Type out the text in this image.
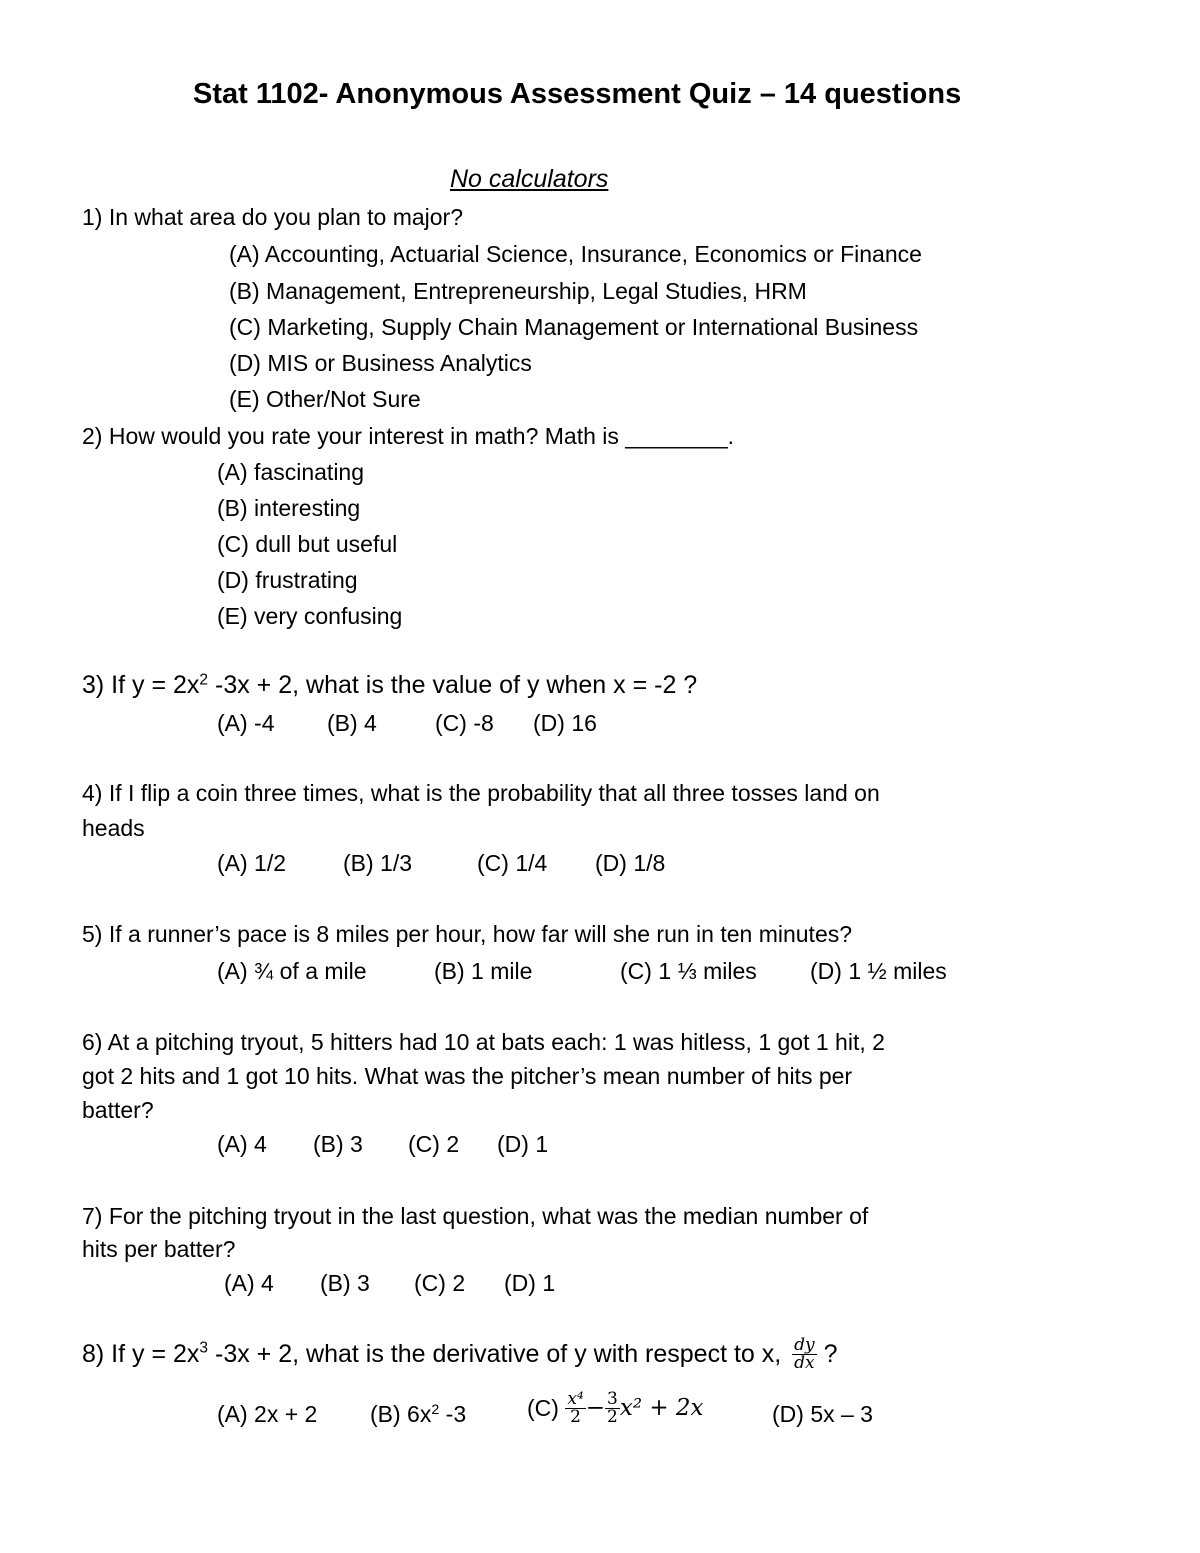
Stat 1102- Anonymous Assessment Quiz – 14 questions
No calculators
1) In what area do you plan to major?
(A) Accounting, Actuarial Science, Insurance, Economics or Finance
(B) Management, Entrepreneurship, Legal Studies, HRM
(C) Marketing, Supply Chain Management or International Business
(D) MIS or Business Analytics
(E) Other/Not Sure
2) How would you rate your interest in math? Math is ________.
(A) fascinating
(B) interesting
(C) dull but useful
(D) frustrating
(E) very confusing
3) If $y = 2x^2$ -3x + 2, what is the value of y when x = -2 ?
(A) -4 (B) 4	(C) -8 (D) 16
4) If I flip a coin three times, what is the probability that all three tosses land on
heads
(A) 1/2 (B) 1/3	(C) 1/4 (D) 1/8
5) If a runner’s pace is 8 miles per hour, how far will she run in ten minutes?
(A) ¾ of a mile	(B) 1 mile	(C) 1 ⅓ miles (D) 1 ½ miles
6) At a pitching tryout, 5 hitters had 10 at bats each: 1 was hitless, 1 got 1 hit, 2
got 2 hits and 1 got 10 hits. What was the pitcher’s mean number of hits per
batter?
(A) 4 (B) 3 (C) 2 (D) 1
7) For the pitching tryout in the last question, what was the median number of
hits per batter?
(A) 4 (B) 3 (C) 2 (D) 1
8) If $y = 2x^3$ -3x + 2, what is the derivative of y with respect to x, $\frac{dy}{dx}$ ?
(A) 2x + 2 (B) $6x^2$ -3	$(C) \frac{\text{x⁴}}{2} - \frac{3}{2} x^2 + 2x$	(D) 5x – 3
